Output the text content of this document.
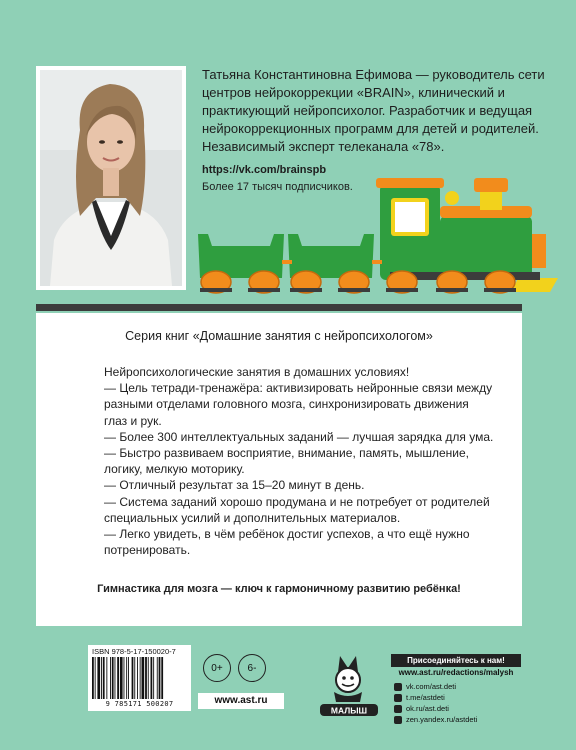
Татьяна Константиновна Ефимова — руководитель сети центров нейрокоррекции «BRAIN», клинический и практикующий нейропсихолог. Разработчик и ведущая нейрокоррекционных программ для детей и родителей. Независимый эксперт телеканала «78».
https://vk.com/brainspb
Более 17 тысяч подписчиков.
Серия книг «Домашние занятия с нейропсихологом»
Нейропсихологические занятия в домашних условиях!
— Цель тетради-тренажёра: активизировать нейронные связи между
разными отделами головного мозга, синхронизировать движения
глаз и рук.
— Более 300 интеллектуальных заданий — лучшая зарядка для ума.
— Быстро развиваем восприятие, внимание, память, мышление,
логику, мелкую моторику.
— Отличный результат за 15–20 минут в день.
— Система заданий хорошо продумана и не потребует от родителей
специальных усилий и дополнительных материалов.
— Легко увидеть, в чём ребёнок достиг успехов, а что ещё нужно
потренировать.
Гимнастика для мозга — ключ к гармоничному развитию ребёнка!
ISBN 978-5-17-150020-7
9 785171 500207
0+	6-
www.ast.ru
МАЛЫШ
Присоединяйтесь к нам!
www.ast.ru/redactions/malysh
vk.com/ast.deti
t.me/astdeti
ok.ru/ast.deti
zen.yandex.ru/astdeti
